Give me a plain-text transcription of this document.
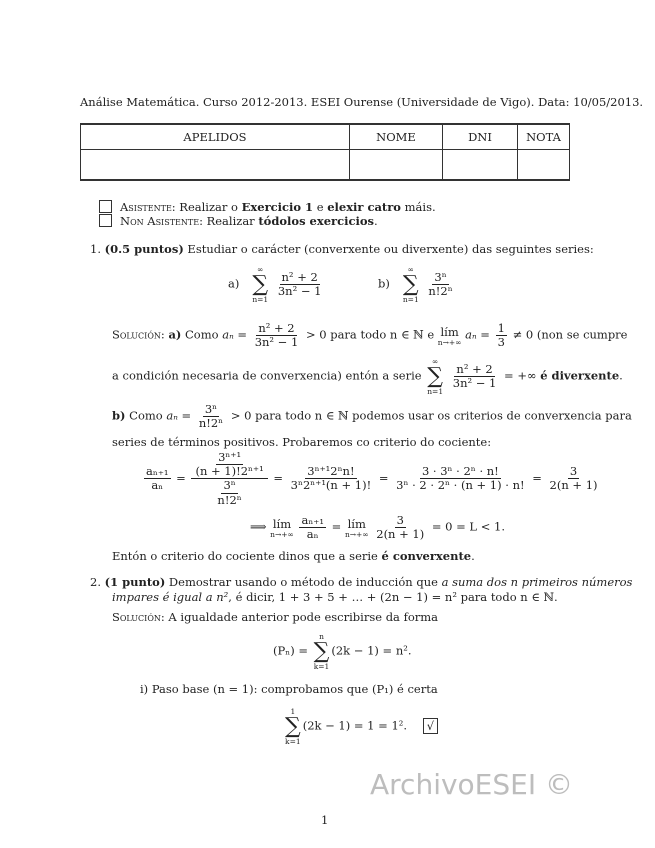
ArchivoESEI ©
Análise Matemática. Curso 2012-2013. ESEI Ourense (Universidade de Vigo). Data: 10/05/2013.
APELIDOS	NOME	DNI	NOTA

Asistente: Realizar o Exercicio 1 e elexir catro máis.
Non Asistente: Realizar tódolos exercicios.
1. (0.5 puntos) Estudiar o carácter (converxente ou diverxente) das seguintes series:
a)
∞
∑
n=1

$\frac{\text{n² + 2}}{\text{3n² − 1}}$	b)
∞
∑
n=1

$\frac{\text{3ⁿ}}{\text{n!2ⁿ}}$
Solución: a) Como $a_n = \frac{\text{n² + 2}}{\text{3n² − 1}} > 0$ para todo n ∈ ℕ e lím
n→+∞
$a_n = \frac{1}{3} \ne 0$ (non se cumpre
a condición necesaria de converxencia) entón a serie
∞
∑
n=1

$\frac{\text{n² + 2}}{\text{3n² − 1}}$ = +∞ é diverxente.
b) Como $a_n = \frac{\text{3ⁿ}}{\text{n!2ⁿ}} > 0$ para todo n ∈ ℕ podemos usar os criterios de converxencia para
series de términos positivos. Probaremos co criterio do cociente:
$\frac{\text{aₙ₊₁}}{\text{aₙ}} = \frac{\frac{\text{3ⁿ⁺¹}}{\text{(n + 1)!2ⁿ⁺¹}}}{\frac{\text{3ⁿ}}{\text{n!2ⁿ}}} = \frac{\text{3ⁿ⁺¹2ⁿn!}}{\text{3ⁿ2ⁿ⁺¹(n + 1)!}} = \frac{\text{3 · 3ⁿ · 2ⁿ · n!}}{\text{3ⁿ · 2 · 2ⁿ · (n + 1) · n!}} = \frac{3}{2(n + 1)}$
⟹ lím
n→+∞
$\frac{\text{aₙ₊₁}}{\text{aₙ}}$ = lím
n→+∞
$\frac{3}{2(n + 1)} = 0 = L < 1$.
Entón o criterio do cociente dinos que a serie é converxente.
2. (1 punto) Demostrar usando o método de inducción que a suma dos n primeiros números
impares é igual a n², é dicir, 1 + 3 + 5 + … + (2n − 1) = n² para todo n ∈ ℕ.
Solución: A igualdade anterior pode escribirse da forma
(Pₙ) =
n
∑
k=1
(2k − 1) = n².
i) Paso base (n = 1): comprobamos que (P₁) é certa
1
∑
k=1
(2k − 1) = 1 = 1². √
1
